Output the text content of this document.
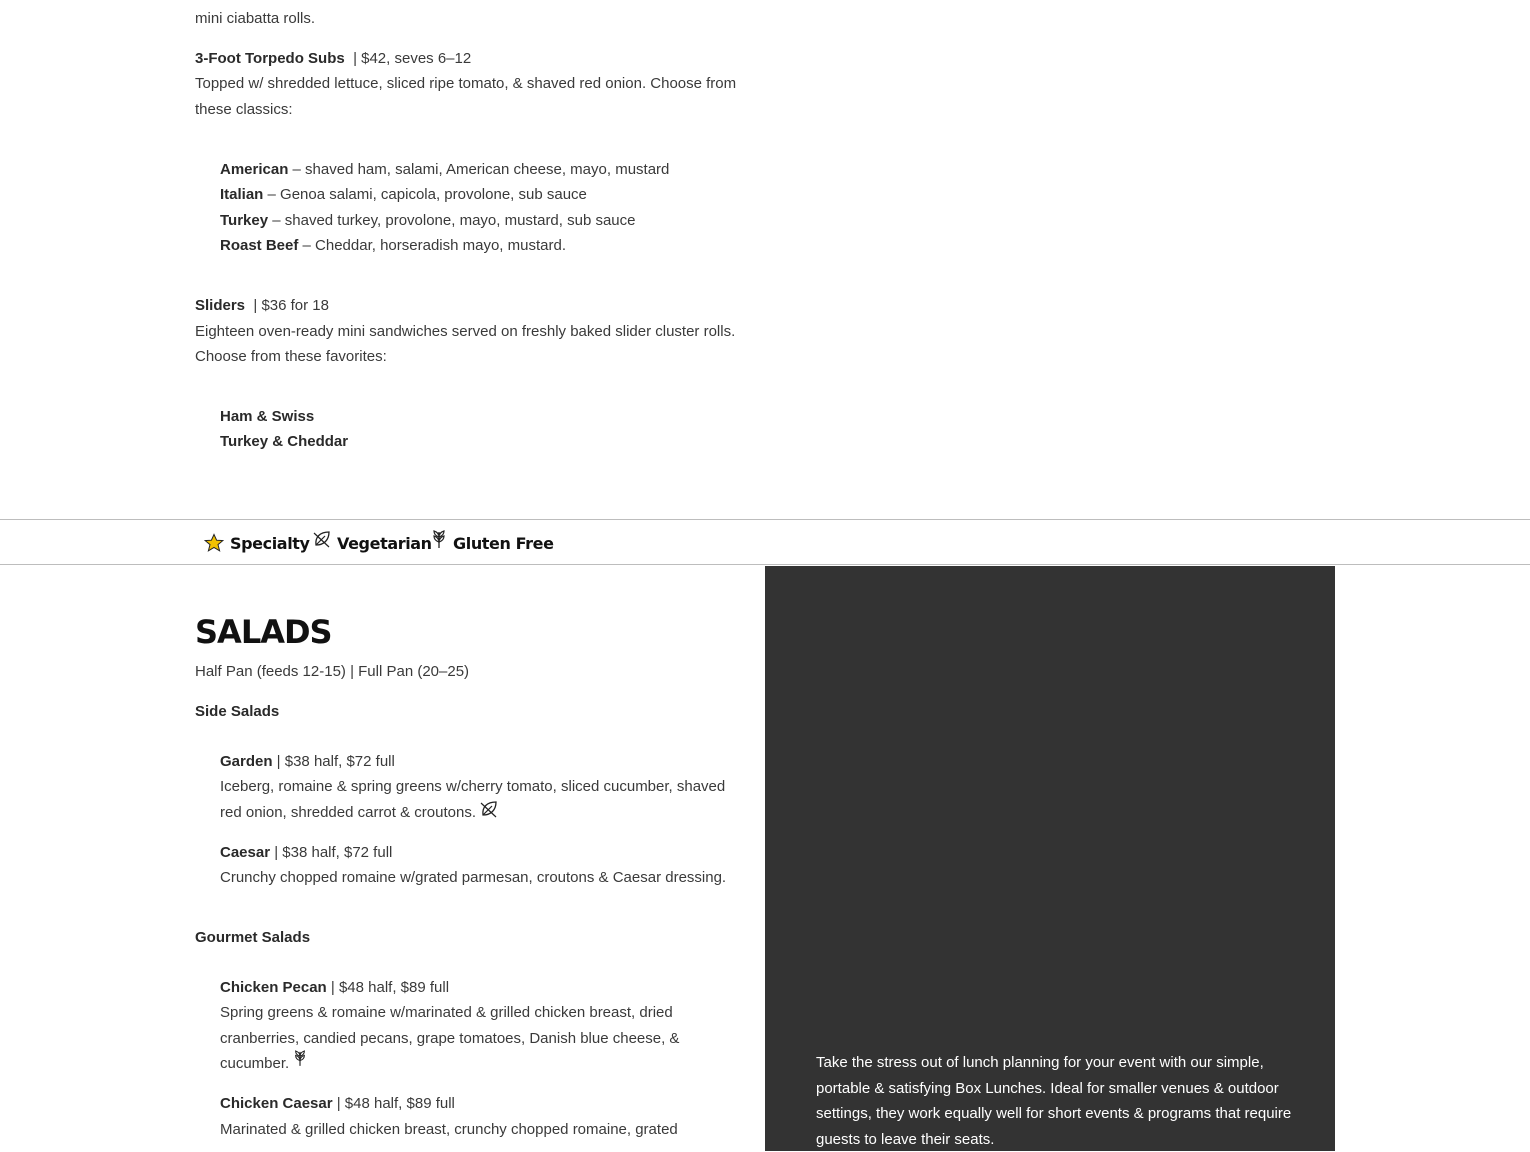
mini ciabatta rolls.
3-Foot Torpedo Subs | $42, seves 6–12
Topped w/ shredded lettuce, sliced ripe tomato, & shaved red onion. Choose from
these classics:
American – shaved ham, salami, American cheese, mayo, mustard
Italian – Genoa salami, capicola, provolone, sub sauce
Turkey – shaved turkey, provolone, mayo, mustard, sub sauce
Roast Beef – Cheddar, horseradish mayo, mustard.
Sliders | $36 for 18
Eighteen oven-ready mini sandwiches served on freshly baked slider cluster rolls.
Choose from these favorites:
Ham & Swiss
Turkey & Cheddar
Specialty Vegetarian Gluten Free
SALADS
Half Pan (feeds 12-15) | Full Pan (20–25)
Side Salads
Garden | $38 half, $72 full
Iceberg, romaine & spring greens w/cherry tomato, sliced cucumber, shaved
red onion, shredded carrot & croutons.
Caesar | $38 half, $72 full
Crunchy chopped romaine w/grated parmesan, croutons & Caesar dressing.
Gourmet Salads
Chicken Pecan | $48 half, $89 full
Spring greens & romaine w/marinated & grilled chicken breast, dried
cranberries, candied pecans, grape tomatoes, Danish blue cheese, &
cucumber.
Chicken Caesar | $48 half, $89 full
Marinated & grilled chicken breast, crunchy chopped romaine, grated
Take the stress out of lunch planning for your event with our simple, portable & satisfying Box Lunches. Ideal for smaller venues & outdoor settings, they work equally well for short events & programs that require guests to leave their seats.
